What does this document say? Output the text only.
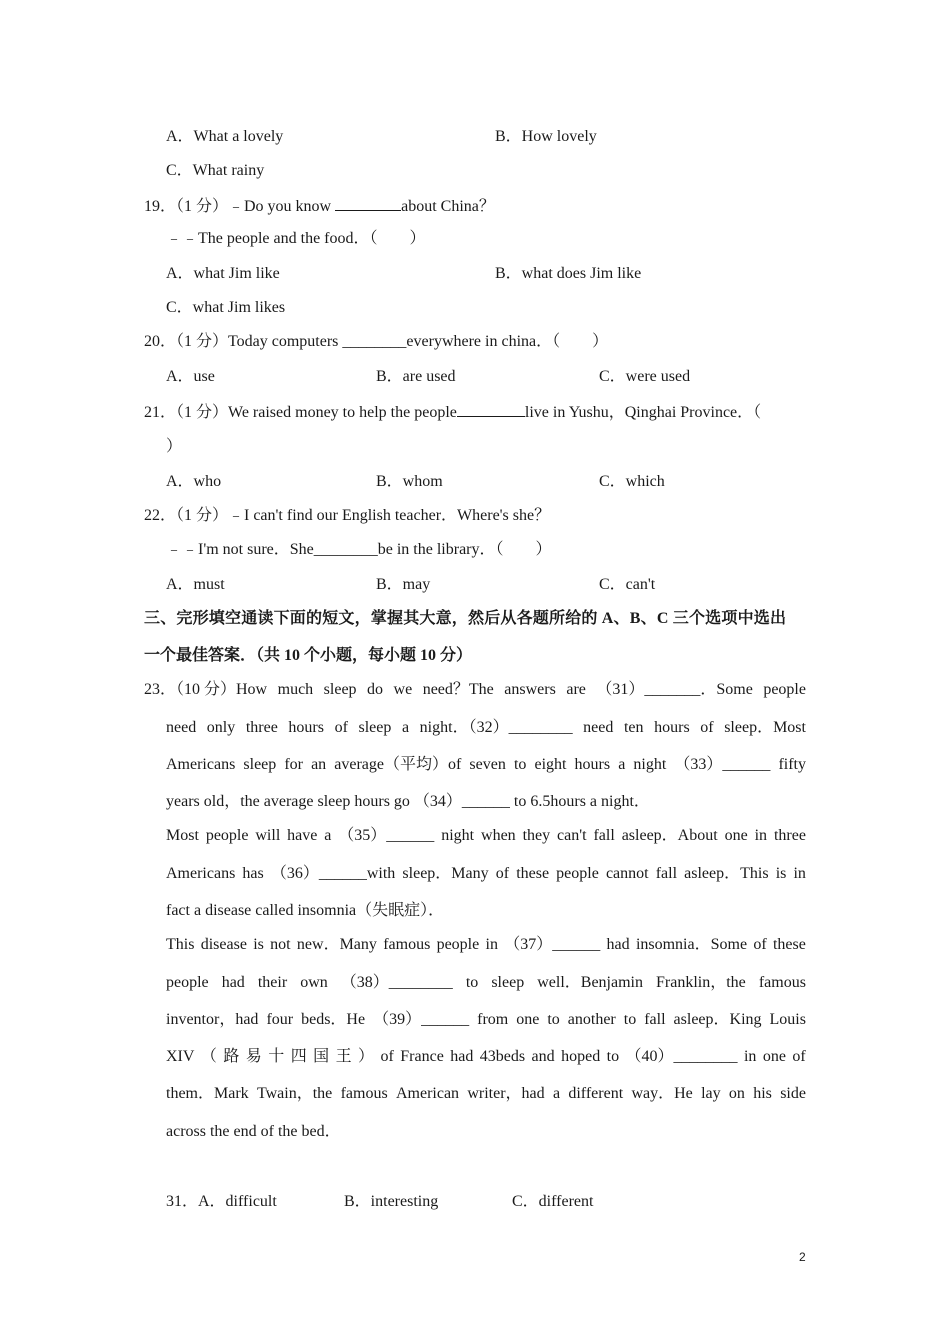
A．What a lovely	B．How lovely
C．What rainy
19．（1 分）﹣Do you know	about China？
﹣﹣The people and the food．（　　）
A．what Jim like	B．what does Jim like
C．what Jim likes
20．（1 分）Today computers ________everywhere in china．（　　）
A．use	B．are used	C．were used
21．（1 分）We raised money to help the people	live in Yushu，Qinghai Province．（
）
A．who	B．whom	C．which
22．（1 分）﹣I can't find our English teacher．Where's she？
﹣﹣I'm not sure．She________be in the library．（　　）
A．must	B．may	C．can't
三、完形填空通读下面的短文，掌握其大意，然后从各题所给的 A、B、C 三个选项中选出
一个最佳答案．（共 10 个小题，每小题 10 分）
23．（10 分）How much sleep do we need？The answers are （31）_______．Some people
need only three hours of sleep a night．（32）________ need ten hours of sleep．Most
Americans sleep for an average（平均）of seven to eight hours a night （33）______ fifty
years old，the average sleep hours go （34）______ to 6.5hours a night．
Most people will have a （35）______ night when they can't fall asleep．About one in three
Americans has （36）______with sleep．Many of these people cannot fall asleep．This is in
fact a disease called insomnia（失眠症）．
This disease is not new．Many famous people in （37）______ had insomnia．Some of these
people had their own （38）________ to sleep well．Benjamin Franklin，the famous
inventor，had four beds．He （39）______ from one to another to fall asleep．King Louis
XIV （ 路 易 十 四 国 王 ） of France had 43beds and hoped to （40）________ in one of
them．Mark Twain，the famous American writer，had a different way．He lay on his side
across the end of the bed．
31．A．difficult	B．interesting	C．different
2
